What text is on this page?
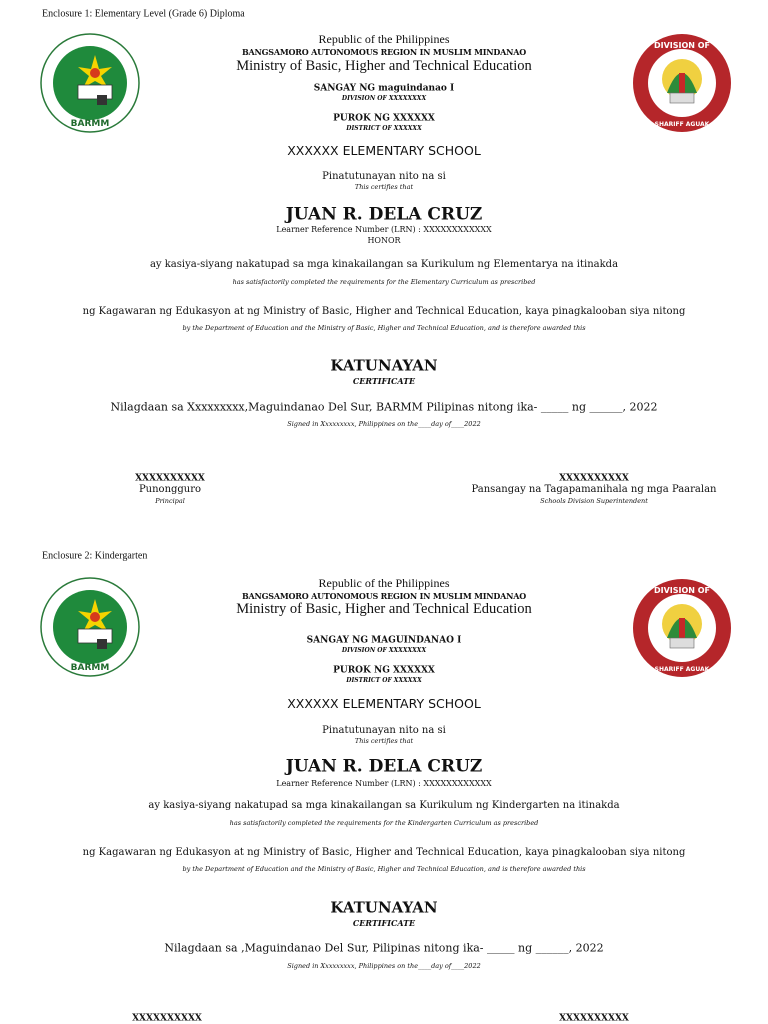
Enclosure 1: Elementary Level (Grade 6) Diploma
BARMM
DIVISION OF
SHARIFF AGUAK
Republic of the Philippines
BANGSAMORO AUTONOMOUS REGION IN MUSLIM MINDANAO
Ministry of Basic, Higher and Technical Education
SANGAY NG maguindanao I
DIVISION OF XXXXXXXX
PUROK NG XXXXXX
DISTRICT OF XXXXXX
XXXXXX ELEMENTARY SCHOOL
Pinatutunayan nito na si
This certifies that
JUAN R. DELA CRUZ
Learner Reference Number (LRN) : XXXXXXXXXXXX
HONOR
ay kasiya-siyang nakatupad sa mga kinakailangan sa Kurikulum ng Elementarya na itinakda
has satisfactorily completed the requirements for the Elementary Curriculum as prescribed
ng Kagawaran ng Edukasyon at ng Ministry of Basic, Higher and Technical Education, kaya pinagkalooban siya nitong
by the Department of Education and the Ministry of Basic, Higher and Technical Education, and is therefore awarded this
KATUNAYAN
CERTIFICATE
Nilagdaan sa Xxxxxxxxx,Maguindanao Del Sur, BARMM Pilipinas nitong ika- _____ ng ______, 2022
Signed in Xxxxxxxxx, Philippines on the____day of____2022
XXXXXXXXXX
Punongguro
Principal
XXXXXXXXXX
Pansangay na Tagapamanihala ng mga Paaralan
Schools Division Superintendent
Enclosure 2: Kindergarten
BARMM
DIVISION OF
SHARIFF AGUAK
Republic of the Philippines
BANGSAMORO AUTONOMOUS REGION IN MUSLIM MINDANAO
Ministry of Basic, Higher and Technical Education
SANGAY NG MAGUINDANAO I
DIVISION OF XXXXXXXX
PUROK NG XXXXXX
DISTRICT OF XXXXXX
XXXXXX ELEMENTARY SCHOOL
Pinatutunayan nito na si
This certifies that
JUAN R. DELA CRUZ
Learner Reference Number (LRN) : XXXXXXXXXXXX
ay kasiya-siyang nakatupad sa mga kinakailangan sa Kurikulum ng Kindergarten na itinakda
has satisfactorily completed the requirements for the Kindergarten Curriculum as prescribed
ng Kagawaran ng Edukasyon at ng Ministry of Basic, Higher and Technical Education, kaya pinagkalooban siya nitong
by the Department of Education and the Ministry of Basic, Higher and Technical Education, and is therefore awarded this
KATUNAYAN
CERTIFICATE
Nilagdaan sa ,Maguindanao Del Sur, Pilipinas nitong ika- _____ ng ______, 2022
Signed in Xxxxxxxxx, Philippines on the____day of____2022
XXXXXXXXXX	XXXXXXXXXX
